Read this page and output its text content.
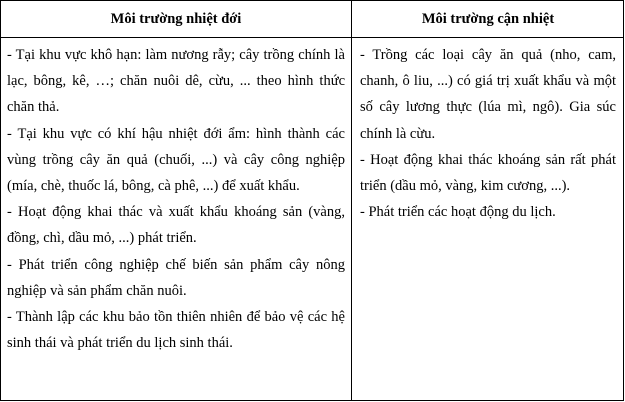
Môi trường nhiệt đới	Môi trường cận nhiệt

- Tại khu vực khô hạn: làm nương rẫy; cây trồng chính là lạc, bông, kê, …; chăn nuôi dê, cừu, ... theo hình thức chăn thả.

- Tại khu vực có khí hậu nhiệt đới ẩm: hình thành các vùng trồng cây ăn quả (chuối, ...) và cây công nghiệp (mía, chè, thuốc lá, bông, cà phê, ...) để xuất khẩu.

- Hoạt động khai thác và xuất khẩu khoáng sản (vàng, đồng, chì, dầu mỏ, ...) phát triển.

- Phát triển công nghiệp chế biến sản phẩm cây nông nghiệp và sản phẩm chăn nuôi.

- Thành lập các khu bảo tồn thiên nhiên để bảo vệ các hệ sinh thái và phát triển du lịch sinh thái.

- Trồng các loại cây ăn quả (nho, cam, chanh, ô liu, ...) có giá trị xuất khẩu và một số cây lương thực (lúa mì, ngô). Gia súc chính là cừu.

- Hoạt động khai thác khoáng sản rất phát triển (dầu mỏ, vàng, kim cương, ...).

- Phát triển các hoạt động du lịch.
